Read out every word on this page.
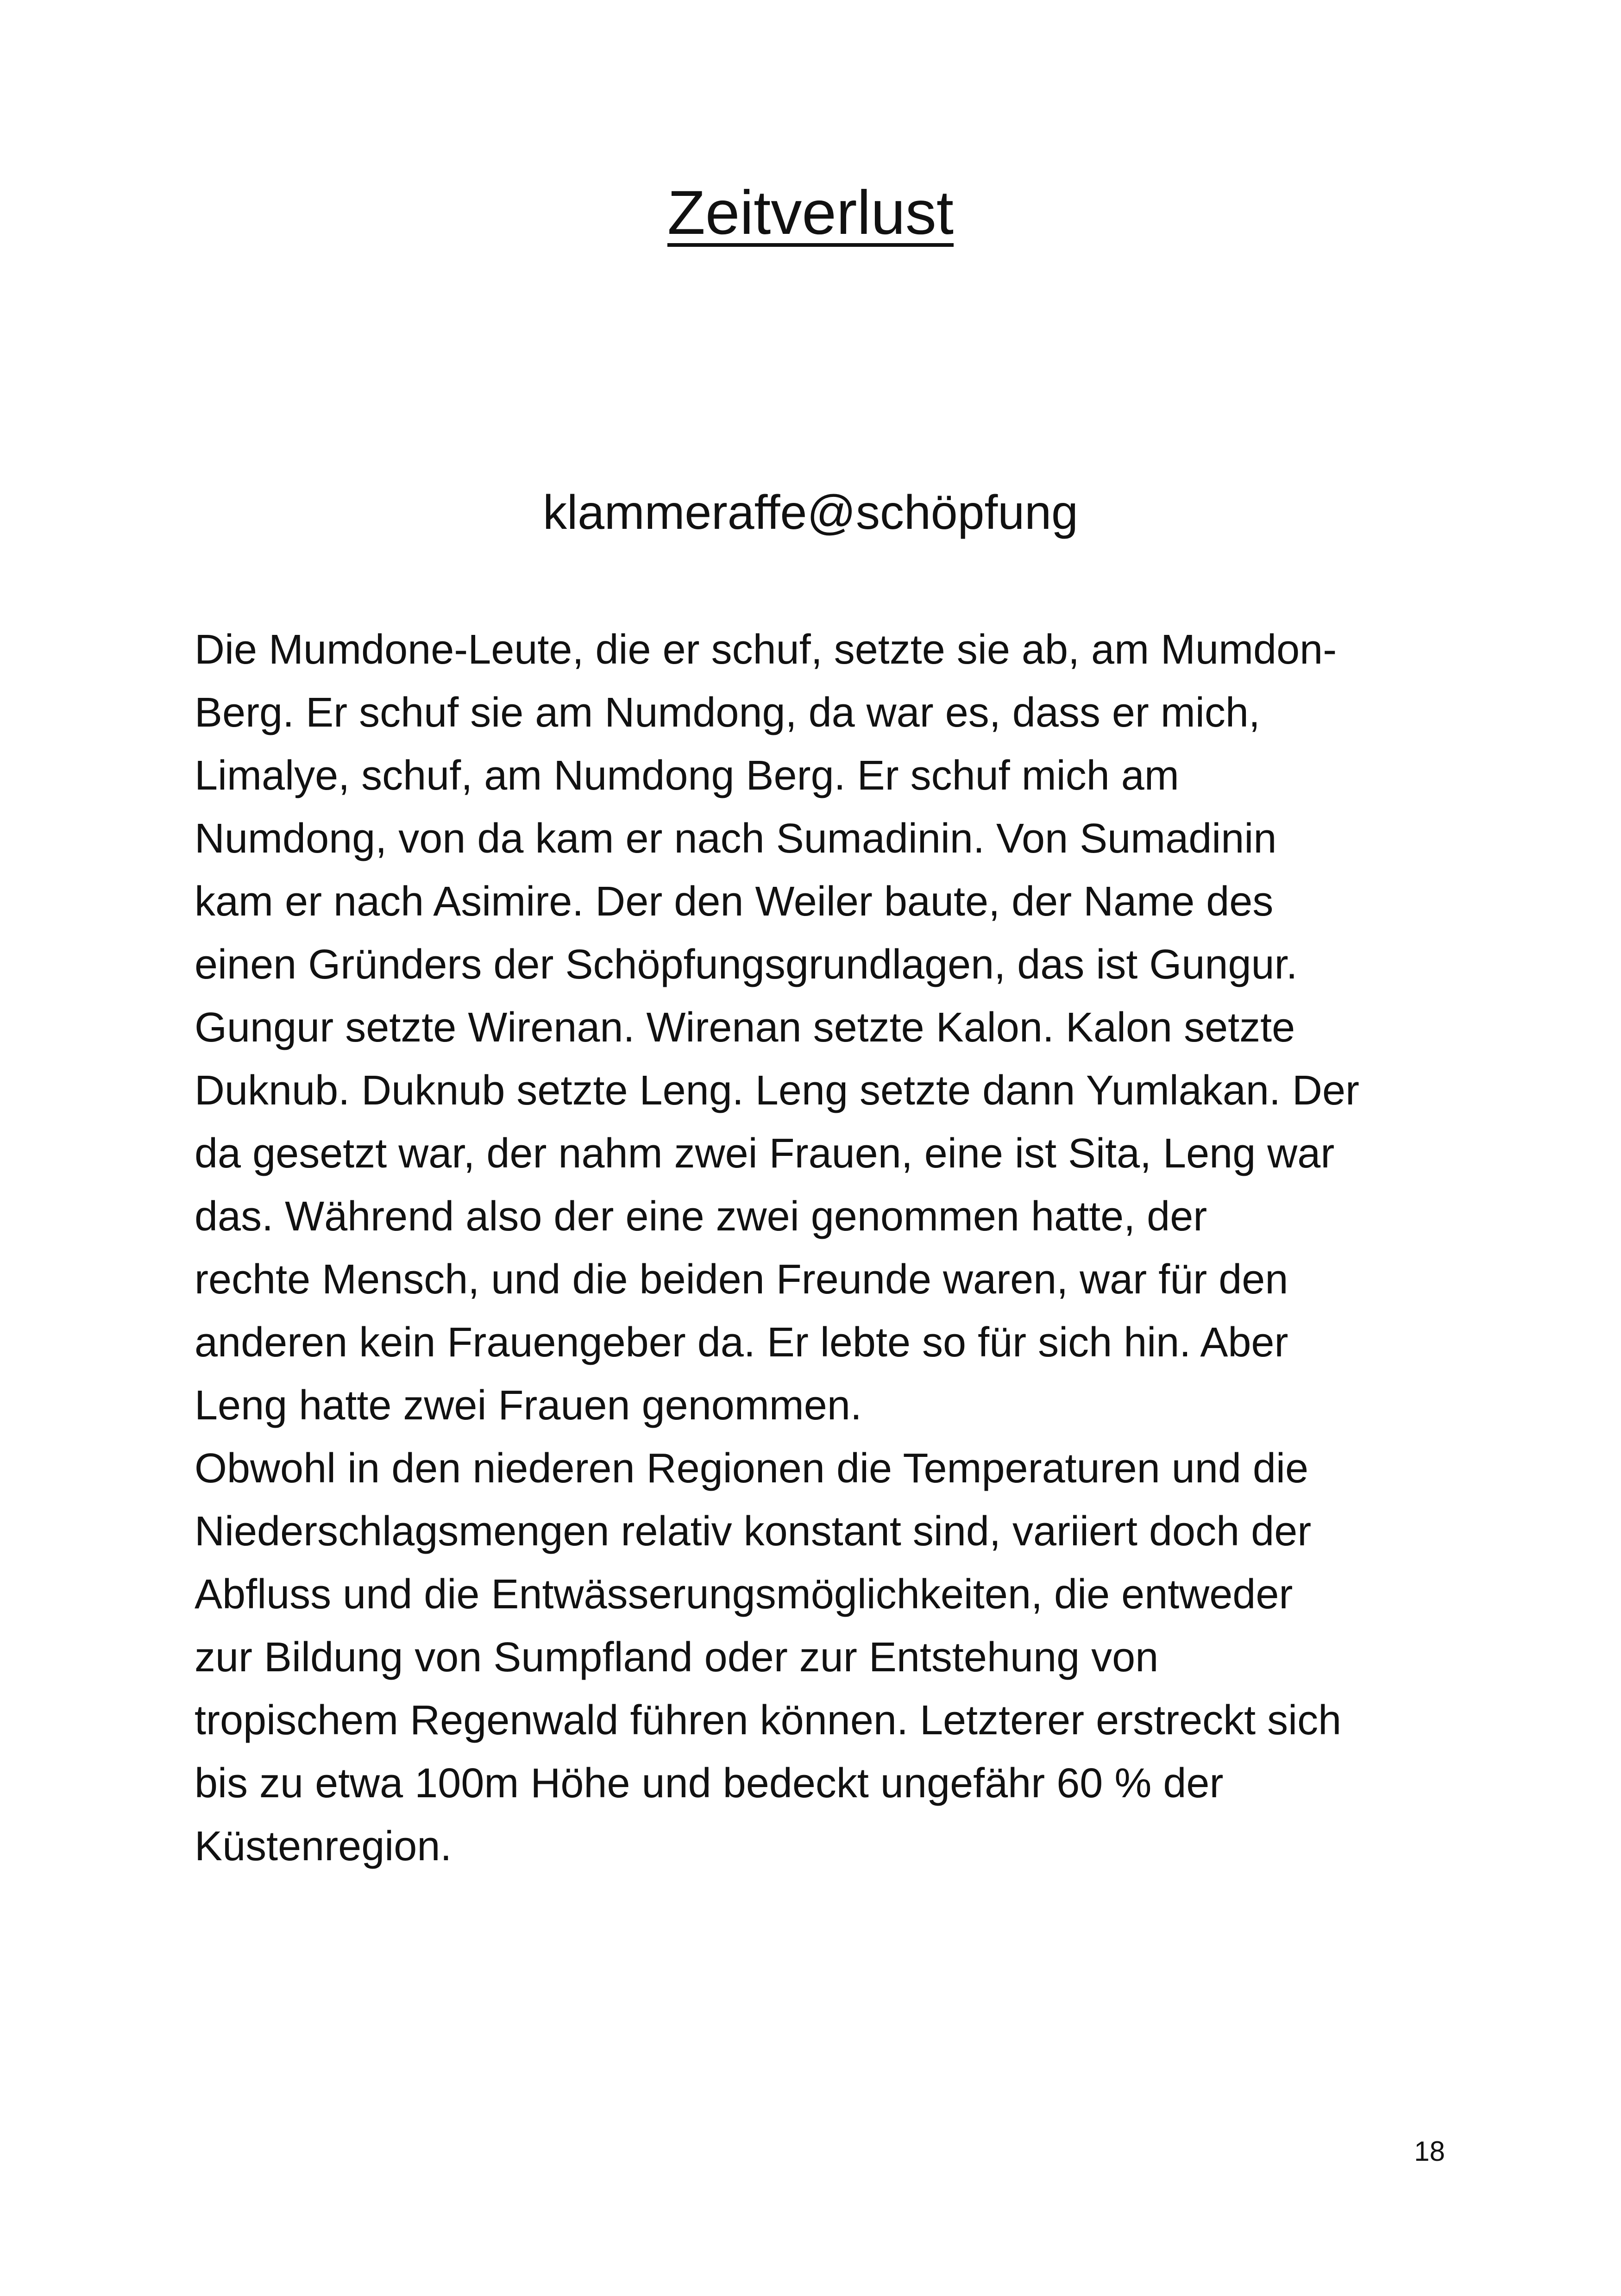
Zeitverlust
klammeraffe@schöpfung

Die Mumdone-Leute, die er schuf, setzte sie ab, am Mumdon-
Berg. Er schuf sie am Numdong, da war es, dass er mich,
Limalye, schuf, am Numdong Berg. Er schuf mich am
Numdong, von da kam er nach Sumadinin. Von Sumadinin
kam er nach Asimire. Der den Weiler baute, der Name des
einen Gründers der Schöpfungsgrundlagen, das ist Gungur.
Gungur setzte Wirenan. Wirenan setzte Kalon. Kalon setzte
Duknub. Duknub setzte Leng. Leng setzte dann Yumlakan. Der
da gesetzt war, der nahm zwei Frauen, eine ist Sita, Leng war
das. Während also der eine zwei genommen hatte, der
rechte Mensch, und die beiden Freunde waren, war für den
anderen kein Frauengeber da. Er lebte so für sich hin. Aber
Leng hatte zwei Frauen genommen.

Obwohl in den niederen Regionen die Temperaturen und die
Niederschlagsmengen relativ konstant sind, variiert doch der
Abfluss und die Entwässerungsmöglichkeiten, die entweder
zur Bildung von Sumpfland oder zur Entstehung von
tropischem Regenwald führen können. Letzterer erstreckt sich
bis zu etwa 100m Höhe und bedeckt ungefähr 60 % der
Küstenregion.

18
